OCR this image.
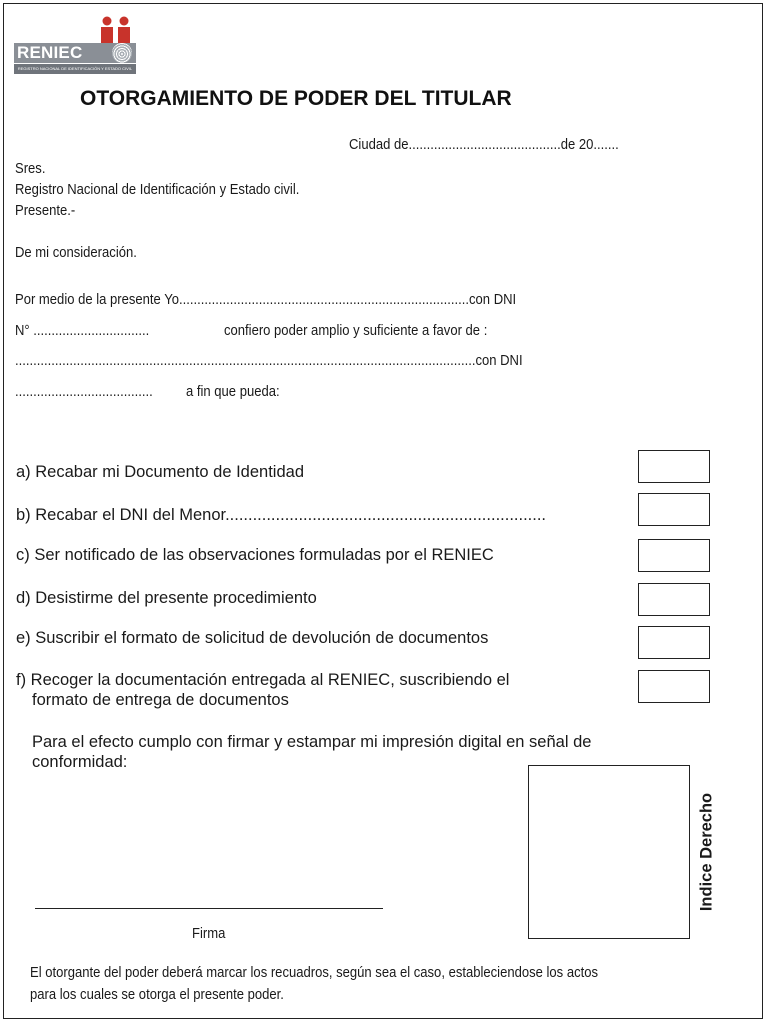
RENIEC
REGISTRO NACIONAL DE IDENTIFICACIÓN Y ESTADO CIVIL
OTORGAMIENTO DE PODER DEL TITULAR
Ciudad de..........................................de 20.......
Sres.
Registro Nacional de Identificación y Estado civil.
Presente.-
De mi consideración.
Por medio de la presente Yo................................................................................con DNI
N° ................................	confiero poder amplio y suficiente a favor de :
...............................................................................................................................con DNI
...................................... a fin que pueda:
a) Recabar mi Documento de Identidad
b) Recabar el DNI del Menor......................................................................
c) Ser notificado de las observaciones formuladas por el RENIEC
d) Desistirme del presente procedimiento
e) Suscribir el formato de solicitud de devolución de documentos
f) Recoger la documentación entregada al RENIEC, suscribiendo el
formato de entrega de documentos
Para el efecto cumplo con firmar y estampar mi impresión digital en señal de
conformidad:
Indice Derecho
Firma
El otorgante del poder deberá marcar los recuadros, según sea el caso, estableciendose los actos
para los cuales se otorga el presente poder.
